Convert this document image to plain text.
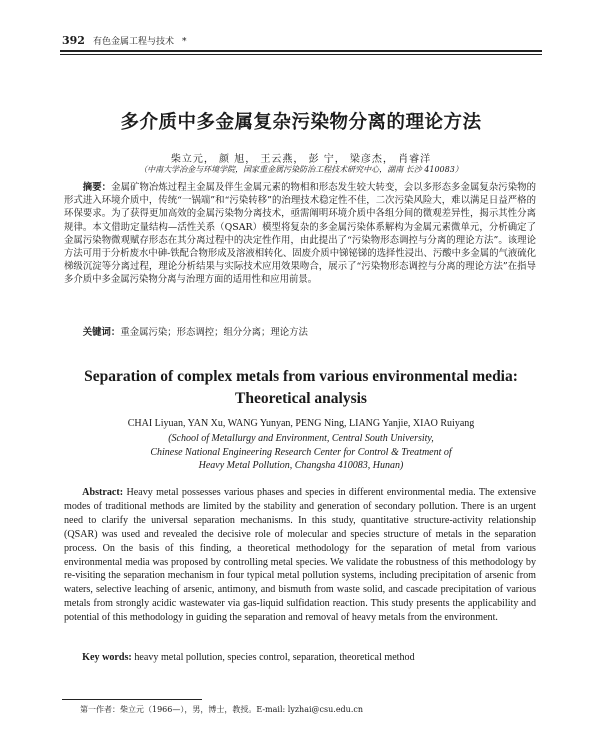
392 有色金属工程与技术 *
多介质中多金属复杂污染物分离的理论方法
柴立元， 颜 旭， 王云燕， 彭 宁， 梁彦杰， 肖睿洋
（中南大学冶金与环境学院，国家重金属污染防治工程技术研究中心，湖南 长沙 410083）
摘要：金属矿物冶炼过程主金属及伴生金属元素的物相和形态发生较大转变，会以多形态多金属复杂污染物的形式进入环境介质中，传统“一锅端”和“污染转移”的治理技术稳定性不佳，二次污染风险大，难以满足日益严格的环保要求。为了获得更加高效的金属污染物分离技术，亟需阐明环境介质中各组分间的微观差异性，揭示其性分离规律。本文借助定量结构—活性关系（QSAR）模型将复杂的多金属污染体系解构为金属元素微单元，分析确定了金属污染物微观赋存形态在其分离过程中的决定性作用，由此提出了“污染物形态调控与分离的理论方法”。该理论方法可用于分析废水中砷-铁配合物形成及溶液相转化、固废介质中锑铋锑的选择性浸出、污酸中多金属的气液硫化梯级沉淀等分离过程，理论分析结果与实际技术应用效果吻合，展示了“污染物形态调控与分离的理论方法”在指导多介质中多金属污染物分离与治理方面的适用性和应用前景。
关键词：重金属污染；形态调控；组分分离；理论方法
Separation of complex metals from various environmental media:
Theoretical analysis
CHAI Liyuan, YAN Xu, WANG Yunyan, PENG Ning, LIANG Yanjie, XIAO Ruiyang
(School of Metallurgy and Environment, Central South University,
Chinese National Engineering Research Center for Control & Treatment of
Heavy Metal Pollution, Changsha 410083, Hunan)
Abstract: Heavy metal possesses various phases and species in different environmental media. The extensive modes of traditional methods are limited by the stability and generation of secondary pollution. There is an urgent need to clarify the universal separation mechanisms. In this study, quantitative structure-activity relationship (QSAR) was used and revealed the decisive role of molecular and species structure of metals in the separation process. On the basis of this finding, a theoretical methodology for the separation of metal from various environmental media was proposed by controlling metal species. We validate the robustness of this methodology by re-visiting the separation mechanism in four typical metal pollution systems, including precipitation of arsenic from waters, selective leaching of arsenic, antimony, and bismuth from waste solid, and cascade precipitation of various metals from strongly acidic wastewater via gas-liquid sulfidation reaction. This study presents the applicability and potential of this methodology in guiding the separation and removal of heavy metals from the environment.
Key words: heavy metal pollution, species control, separation, theoretical method
第一作者：柴立元（1966—），男，博士，教授。E-mail: lyzhai@csu.edu.cn
